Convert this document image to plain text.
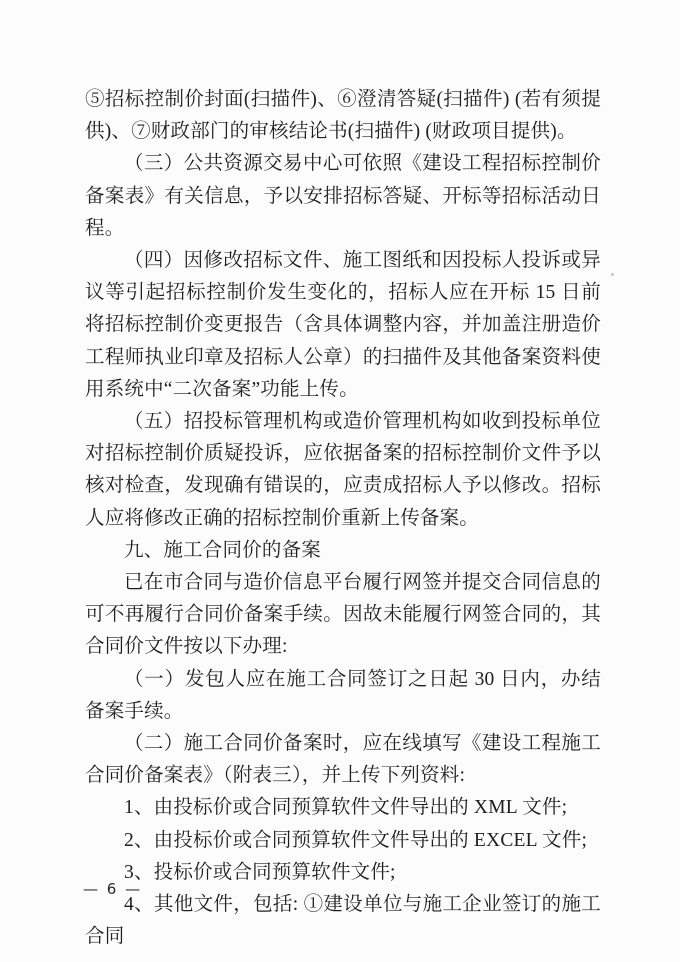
⑤招标控制价封面(扫描件)、⑥澄清答疑(扫描件) (若有须提供)、⑦财政部门的审核结论书(扫描件) (财政项目提供)。

（三）公共资源交易中心可依照《建设工程招标控制价备案表》有关信息，予以安排招标答疑、开标等招标活动日程。

（四）因修改招标文件、施工图纸和因投标人投诉或异议等引起招标控制价发生变化的，招标人应在开标 15 日前将招标控制价变更报告（含具体调整内容，并加盖注册造价工程师执业印章及招标人公章）的扫描件及其他备案资料使用系统中“二次备案”功能上传。

（五）招投标管理机构或造价管理机构如收到投标单位对招标控制价质疑投诉，应依据备案的招标控制价文件予以核对检查，发现确有错误的，应责成招标人予以修改。招标人应将修改正确的招标控制价重新上传备案。

九、施工合同价的备案

已在市合同与造价信息平台履行网签并提交合同信息的可不再履行合同价备案手续。因故未能履行网签合同的，其合同价文件按以下办理:

（一）发包人应在施工合同签订之日起 30 日内，办结备案手续。

（二）施工合同价备案时，应在线填写《建设工程施工合同价备案表》（附表三），并上传下列资料:

1、由投标价或合同预算软件文件导出的 XML 文件;

2、由投标价或合同预算软件文件导出的 EXCEL 文件;

3、投标价或合同预算软件文件;

4、其他文件，包括: ①建设单位与施工企业签订的施工合同

— 6 —
